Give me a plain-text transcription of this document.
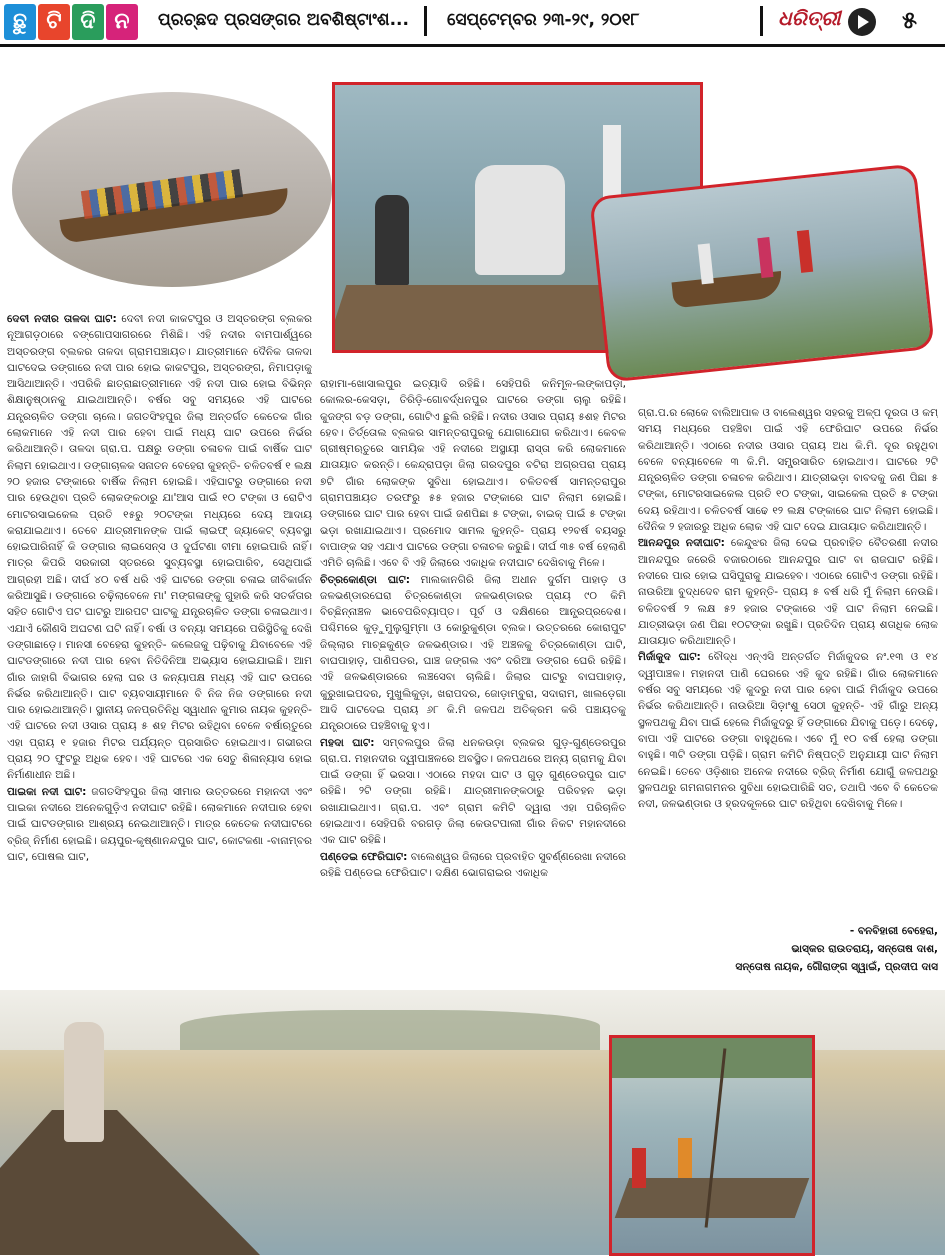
ଛୁ ଟି ଦି ନ	ପ୍ରଚ୍ଛଦ ପ୍ରସଙ୍ଗର ଅବଶିଷ୍ଟାଂଶ... ସେପ୍ଟେମ୍ବର ୨୩-୨୯, ୨୦୧୮	ଧରିତ୍ରୀ	୫

ଦେବୀ ନଦୀର ତାଳଦା ଘାଟ: ଦେବୀ ନଦୀ କାକଟପୁର ଓ ଅସ୍ତରଙ୍ଗ ବ୍ଲକର ନୂଆଗଡ଼ଠାରେ ବଙ୍ଗୋପସାଗରରେ ମିଶିଛି। ଏହି ନଦୀର ବାମପାର୍ଶ୍ୱରେ ଅସ୍ତରଙ୍ଗ ବ୍ଲକର ତାଳଦା ଗ୍ରାମପଞ୍ଚାୟତ। ଯାତ୍ରୀମାନେ ଦୈନିକ ତାଳଦା ଘାଟଦେଇ ଡଙ୍ଗାରେ ନଦୀ ପାର ହୋଇ କାକଟପୁର, ଅସ୍ତରଙ୍ଗ, ନିମାପଡ଼ାକୁ ଆସିଥାଆନ୍ତି। ଏପରିକି ଛାତ୍ରାଛାତ୍ରୀମାନେ ଏହି ନଦୀ ପାର ହୋଇ ବିଭିନ୍ନ ଶିକ୍ଷାନୁଷ୍ଠାନକୁ ଯାଇଥାଆନ୍ତି। ବର୍ଷର ସବୁ ସମୟରେ ଏହି ଘାଟରେ ଯନ୍ତ୍ରଚାଳିତ ଡଙ୍ଗା ଚାଲେ। ଜଗତସିଂହପୁର ଜିଲା ଅନ୍ତର୍ଗତ କେତେକ ଗାଁର ଲୋକମାନେ ଏହି ନଦୀ ପାର ହେବା ପାଇଁ ମଧ୍ୟ ଘାଟ ଉପରେ ନିର୍ଭର କରିଥାଆନ୍ତି। ତାଳଦା ଗ୍ରା.ପ. ପକ୍ଷରୁ ଡଙ୍ଗା ଚଳାଚଳ ପାଇଁ ବାର୍ଷିକ ଘାଟ ନିଲାମ ହୋଇଥାଏ। ଡଙ୍ଗାଚାଳକ ସନାତନ ବେହେରା କୁହନ୍ତି- ଚଳିତବର୍ଷ ୧ ଲକ୍ଷ ୨୦ ହଜାର ଟଙ୍କାରେ ବାର୍ଷିକ ନିଲାମ ହୋଇଛି। ଏହିଘାଟରୁ ଡଙ୍ଗାରେ ନଦୀ ପାର ହେଉଥିବା ପ୍ରତି ଲୋକଙ୍କଠାରୁ ଯା'ଆସ ପାଇଁ ୧୦ ଟଙ୍କା ଓ ରୋଟିଏ ମୋଟରସାଇକେଲ ପ୍ରତି ୧୫ରୁ ୨୦ଟଙ୍କା ମଧ୍ୟରେ ଦେୟ ଆଦାୟ କରାଯାଇଥାଏ। ତେବେ ଯାତ୍ରୀମାନଙ୍କ ପାଇଁ ଲାଇଫ୍ ଜ୍ୟାକେଟ୍ ବ୍ୟବସ୍ଥା ହୋଇପାରିନାହିଁ କି ଡଙ୍ଗାର ଲାଇସେନ୍ସ ଓ ଦୁର୍ଘଟଣା ବୀମା ହୋଇପାରି ନାହିଁ। ମାତ୍ର କିପରି ସରକାରୀ ସ୍ତରରେ ସୁବ୍ୟବସ୍ଥା ହୋଇପାରିବ, ସେଥିପାଇଁ ଆଗ୍ରହୀ ଅଛି। ଦୀର୍ଘ ୪୦ ବର୍ଷ ଧରି ଏହି ଘାଟରେ ଡଙ୍ଗା ଚଳାଇ ଜୀବିକାର୍ଜନ କରିଆସୁଛି। ଡଙ୍ଗାରେ ଚଢ଼ିଲାବେଳେ ମା' ମଙ୍ଗଳାଙ୍କୁ ଗୁହାରି କରି ସତର୍କତାର ସହିତ ଗୋଟିଏ ପଟ ଘାଟରୁ ଆରପଟ ଘାଟକୁ ଯନ୍ତ୍ରଚାଳିତ ଡଙ୍ଗା ଚଳାଇଥାଏ। ଏଯାଏଁ କୌଣସି ଅଘଟଣ ଘଟି ନାହିଁ। ବର୍ଷା ଓ ବନ୍ୟା ସମୟରେ ପରିସ୍ଥିତିକୁ ଦେଖି ଡଙ୍ଗାଛାଡ଼େ। ମାନସୀ ବେହେରା କୁହନ୍ତି- କଲେଜକୁ ପଢ଼ିବାକୁ ଯିବାବେଳେ ଏହି ଘାଟଡଙ୍ଗାରେ ନଦୀ ପାର ହେବା ନିତିଦିନିଆ ଅଭ୍ୟାସ ହୋଇଯାଇଛି। ଆମ ଗାଁର ଜାହାଗି ବିଭାଗର ହେଲା ଘର ଓ କନ୍ୟାପକ୍ଷ ମଧ୍ୟ ଏହି ଘାଟ ଉପରେ ନିର୍ଭର କରିଥାଆନ୍ତି। ଘାଟ ବ୍ୟବସାୟୀମାନେ ବି ନିଜ ନିଜ ଡଙ୍ଗାରେ ନଦୀ ପାର ହୋଇଥାଆନ୍ତି। ସ୍ଥାନୀୟ ଜନପ୍ରତିନିଧି ସ୍ୱାଧୀନ କୁମାର ନାୟକ କୁହନ୍ତି- ଏହି ଘାଟରେ ନଦୀ ଓସାର ପ୍ରାୟ ୫ ଶହ ମିଟର ରହିଥିବା ବେଳେ ବର୍ଷାଋତୁରେ ଏହା ପ୍ରାୟ ୧ ହଜାର ମିଟର ପର୍ଯ୍ୟନ୍ତ ପ୍ରସାରିତ ହୋଇଥାଏ। ଗଭୀରତା ପ୍ରାୟ ୨୦ ଫୁଟରୁ ଅଧିକ ହେବ। ଏହି ଘାଟରେ ଏକ ସେତୁ ଶିଳାନ୍ୟାସ ହୋଇ ନିର୍ମାଣାଧୀନ ଅଛି।

ପାଇକା ନଦୀ ଘାଟ: ଜଗତସିଂହପୁର ଜିଲା ସୀମାର ଉତ୍ତରରେ ମହାନଦୀ ଏବଂ ପାଇକା ନଦୀରେ ଅନେକଗୁଡ଼ିଏ ନଦୀଘାଟ ରହିଛି। ଲୋକମାନେ ନଦୀପାର ହେବା ପାଇଁ ଘାଟଡଙ୍ଗାର ଆଶ୍ରୟ ନେଇଥାଆନ୍ତି। ମାତ୍ର କେତେକ ନଦୀଘାଟରେ ବ୍ରିଜ୍ ନିର୍ମାଣ ହୋଇଛି। ଜୟପୁର-କୃଷ୍ଣାନନ୍ଦପୁର ଘାଟ, କୋଟକଣା -ବାନାମ୍ବର ଘାଟ, ପୋଷଲ ଘାଟ,

ରାହାମା-ଖୋସାଲପୁର ଇତ୍ୟାଦି ରହିଛି। ସେହିପରି କନିମୂଳ-ଲଙ୍କାପଡ଼ା, କୋଲର-କେସଡ଼ା, ତିରିଡ଼ି-ଗୋବର୍ଦ୍ଧନପୁର ଘାଟରେ ଡଙ୍ଗା ଚାଲୁ ରହିଛି। କୁଜଙ୍ଗ ବଡ଼ ଡଙ୍ଗା, ଗୋଟିଏ ଛୁଲି ରହିଛି। ନଦୀର ଓସାର ପ୍ରାୟ ୫ଶହ ମିଟର ହେବ। ତିର୍ତ୍ତୋଲ ବ୍ଲକର ସାମନ୍ତରାପୁରକୁ ଯୋଗାଯୋଗ କରିଥାଏ। କେବଳ ଗ୍ରୀଷ୍ମଋତୁରେ ସାମୟିକ ଏହି ନଦୀରେ ଅସ୍ଥାୟୀ ରାସ୍ତା କରି ଲୋକମାନେ ଯାତାୟାତ କରନ୍ତି। କେନ୍ଦ୍ରାପଡ଼ା ଜିଲା ଗରଦପୁର ବଟିରା ଅଗ୍ରପରା ପ୍ରାୟ ୭ଟି ଗାଁର ଲୋକଙ୍କ ସୁବିଧା ହୋଇଥାଏ। ଚଳିତବର୍ଷ ସାମନ୍ତରାପୁର ଗ୍ରାମପଞ୍ଚାୟତ ତରଫରୁ ୫୫ ହଜାର ଟଙ୍କାରେ ଘାଟ ନିଲାମ ହୋଇଛି। ଡଙ୍ଗାରେ ଘାଟ ପାର ହେବା ପାଇଁ ଜଣପିଛା ୫ ଟଙ୍କା, ବାଇକ୍ ପାଇଁ ୫ ଟଙ୍କା ଭଡ଼ା ରଖାଯାଇଥାଏ। ପ୍ରମୋଦ ସାମଲ କୁହନ୍ତି- ପ୍ରାୟ ୧୨ବର୍ଷ ବୟସରୁ ବାପାଙ୍କ ସହ ଏଯାଏ ଘାଟରେ ଡଙ୍ଗା ଚଳାଚଳ କରୁଛି। ଦୀର୍ଘ ୩୫ ବର୍ଷ ହେଲାଣି ଏମିତି ଚାଲିଛି। ଏବେ ବି ଏହି ଜିଲାରେ ଏକାଧିକ ନଦୀଘାଟ ଦେଖିବାକୁ ମିଳେ।

ଚିତ୍ରକୋଣ୍ଡା ଘାଟ: ମାଲକାନଗିରି ଜିଲା ଅଧୀନ ଦୁର୍ଗମ ପାହାଡ଼ ଓ ଜଳଭଣ୍ଡାରଘେରା ଚିତ୍ରକୋଣ୍ଡା ଜଳଭଣ୍ଡାରର ପ୍ରାୟ ୯୦ କିମି ବିଚ୍ଛିନ୍ନାଞ୍ଚଳ ଭାବେପରିବ୍ୟାପ୍ତ। ପୂର୍ବ ଓ ଦକ୍ଷିଣରେ ଆନ୍ଧ୍ରପ୍ରଦେଶ। ପଶ୍ଚିମରେ କୁଡ଼ୁମୁଲୁଗୁମ୍ମା ଓ କୋରୁକୁଣ୍ଡା ବ୍ଲକ। ଉତ୍ତରରେ କୋରାପୁଟ ଜିଲ୍ଲାର ମାଚ୍ଛକୁଣ୍ଡ ଜଳଭଣ୍ଡାର। ଏହି ଅଞ୍ଚଳକୁ ଚିତ୍ରକୋଣ୍ଡା ଘାଟି, ବାଘପାହାଡ଼, ପାଣିପଡର, ଘାଞ୍ଚ ଜଙ୍ଗଲ ଏବଂ ଦରିଆ ଡଙ୍ଗର ଘେରି ରହିଛି। ଏହି ଜଳଭଣ୍ଡାରରେ ଲଞ୍ଚସେବା ଚାଲିଛି। ଜିଲାର ଘାଟରୁ ବାଘପାହାଡ଼, କୁରୁଖାଇପଦର, ମୁଖୁଲିକୁଡ଼ା, ଖରାପଦର, ଜୋଡ଼ାମ୍ବୁରା, ସଦାରାମ, ଖାଲଡ଼େଗା ଆଦି ଘାଟଦେଇ ପ୍ରାୟ ୬୮ କି.ମି ଜଳପଥ ଅତିକ୍ରମ କରି ପଞ୍ଚାୟତକୁ ଯନ୍ତ୍ରଠାରେ ପହଞ୍ଚିବାକୁ ହୁଏ।

ମହଦା ଘାଟ: ସମ୍ବଲପୁର ଜିଲା ଧନକଉଡ଼ା ବ୍ଲକର ଗୁଡ଼-ଗୁଣ୍ଡେରପୁର ଗ୍ରା.ପ. ମହାନଦୀର ଦ୍ୱୀପାଞ୍ଚଳରେ ଅବସ୍ଥିତ। ଜଳପଥରେ ଅନ୍ୟ ଗ୍ରାମକୁ ଯିବା ପାଇଁ ଡଙ୍ଗା ହିଁ ଭରସା। ଏଠାରେ ମହଦା ଘାଟ ଓ ଗୁଡ଼ ଗୁଣ୍ଡେରପୁର ଘାଟ ରହିଛି। ୨ଟି ଡଙ୍ଗା ରହିଛି। ଯାତ୍ରୀମାନଙ୍କଠାରୁ ପରିବହନ ଭଡ଼ା ରଖାଯାଇଥାଏ। ଗ୍ରା.ପ. ଏବଂ ଗ୍ରାମ କମିଟି ଦ୍ୱାରା ଏହା ପରିଚାଳିତ ହୋଇଥାଏ। ସେହିପରି ବରଗଡ଼ ଜିଲା କେଉଟପାଲୀ ଗାଁର ନିକଟ ମହାନଦୀରେ ଏକ ଘାଟ ରହିଛି।

ପଣ୍ଡେଇ ଫେରିଘାଟ: ବାଲେଶ୍ୱର ଜିଲାରେ ପ୍ରବାହିତ ସୁବର୍ଣ୍ଣରେଖା ନଦୀରେ ରହିଛି ପଣ୍ଡେଇ ଫେରିଘାଟ। ଦକ୍ଷିଣ ଭୋଗରାଇର ଏକାଧିକ

ଗ୍ରା.ପ.ର ଲୋକେ ବାଲିଆପାଳ ଓ ବାଲେଶ୍ୱର ସହରକୁ ଅଳ୍ପ ଦୂରତା ଓ କମ୍ ସମୟ ମଧ୍ୟରେ ପହଞ୍ଚିବା ପାଇଁ ଏହି ଫେରିଘାଟ ଉପରେ ନିର୍ଭର କରିଥାଆନ୍ତି। ଏଠାରେ ନଦୀର ଓସାର ପ୍ରାୟ ଅଧ କି.ମି. ଦୂର ରହୁଥିବା ବେଳେ ବନ୍ୟାବେଳେ ୩ କି.ମି. ସମ୍ପ୍ରସାରିତ ହୋଇଥାଏ। ଘାଟରେ ୨ଟି ଯନ୍ତ୍ରଚାଳିତ ଡଙ୍ଗା ଚଳାଚଳ କରିଥାଏ। ଯାତ୍ରୀଭଡ଼ା ବାବଦକୁ ଜଣ ପିଛା ୫ ଟଙ୍କା, ମୋଟରସାଇକେଲ ପ୍ରତି ୧୦ ଟଙ୍କା, ସାଇକେଲ ପ୍ରତି ୫ ଟଙ୍କା ଦେୟ ରହିଥାଏ। ଚଳିତବର୍ଷ ସାଢେ ୧୨ ଲକ୍ଷ ଟଙ୍କାରେ ଘାଟ ନିଲାମ ହୋଇଛି। ଦୈନିକ ୨ ହଜାରରୁ ଅଧିକ ଲୋକ ଏହି ଘାଟ ଦେଇ ଯାତାୟାତ କରିଥାଆନ୍ତି।

ଆନନ୍ଦପୁର ନଦୀଘାଟ: କେନ୍ଦୁଝର ଜିଲା ଦେଇ ପ୍ରବାହିତ ବୈତରଣୀ ନଦୀର ଆନନ୍ଦପୁର ଜରେରି ବଜାରଠାରେ ଆନନ୍ଦପୁର ଘାଟ ବା ରାଜଘାଟ ରହିଛି। ନଦୀରେ ପାର ହୋଇ ଘସିପୁରାକୁ ଯାଇହେବ। ଏଠାରେ ଗୋଟିଏ ଡଙ୍ଗା ରହିଛି। ନାଉରିଆ ବୁଦ୍ଧଦେବ ରାମ କୁହନ୍ତି- ପ୍ରାୟ ୫ ବର୍ଷ ଧରି ମୁଁ ନିଲାମ ନେଉଛି। ଚଳିତବର୍ଷ ୨ ଲକ୍ଷ ୫୨ ହଜାର ଟଙ୍କାରେ ଏହି ଘାଟ ନିଲାମ ନେଇଛି। ଯାତ୍ରୀଭଡ଼ା ଜଣ ପିଛା ୧୦ଟଙ୍କା ରଖୁଛି। ପ୍ରତିଦିନ ପ୍ରାୟ ଶତାଧିକ ଲୋକ ଯାତାୟାତ କରିଥାଆନ୍ତି।

ମିର୍ଜାକୁଦ ଘାଟ: ବୌଦ୍ଧ ଏନ୍ଏସି ଅନ୍ତର୍ଗତ ମିର୍ଜାକୁଦର ନଂ.୧୩ ଓ ୧୪ ଦ୍ୱୀପାଞ୍ଚଳ। ମହାନଦୀ ପାଣି ଘେରରେ ଏହି କୁଦ ରହିଛି। ଗାଁର ଲୋକମାନେ ବର୍ଷର ସବୁ ସମୟରେ ଏହି କୁଦରୁ ନଦୀ ପାର ହେବା ପାଇଁ ମିର୍ଜାକୁଦ ଉପରେ ନିର୍ଭର କରିଥାଆନ୍ତି। ନାଉରିଆ ସିଡ଼ାଂଶୁ ସେଠୀ କୁହନ୍ତି- ଏହି ଗାଁରୁ ଅନ୍ୟ ସ୍ଥଳପଥକୁ ଯିବା ପାଇଁ ହେଲେ ମିର୍ଜାକୁଦରୁ ହିଁ ଡଙ୍ଗାରେ ଯିବାକୁ ପଡ଼େ। ଦେଢ଼େ, ବାପା ଏହି ଘାଟରେ ଡଙ୍ଗା ବାହୁଥିଲେ। ଏବେ ମୁଁ ୧୦ ବର୍ଷ ହେଲା ଡଙ୍ଗା ବାହୁଛି। ୩ଟି ଡଙ୍ଗା ପଡ଼ିଛି। ଗ୍ରାମ କମିଟି ନିଷ୍ପତ୍ତି ଅନୁଯାୟୀ ଘାଟ ନିଲାମ ନେଇଛି। ତେବେ ଓଡ଼ିଶାର ଅନେକ ନଦୀରେ ବ୍ରିଜ୍ ନିର୍ମାଣ ଯୋଗୁଁ ଜଳପଥରୁ ସ୍ଥଳପଥରୁ ଗମନାଗମନର ସୁବିଧା ହୋଇପାରିଛି ସତ, ତଥାପି ଏବେ ବି କେତେକ ନଦୀ, ଜଳଭଣ୍ଡାର ଓ ହ୍ରଦକୂଳରେ ଘାଟ ରହିଥିବା ଦେଖିବାକୁ ମିଳେ।

- ବନବିହାରୀ ବେହେରା,
ଭାସ୍କର ରାଉତରାୟ, ସନ୍ତୋଷ ଦାଶ,
ସନ୍ତୋଷ ନାୟକ, ଗୌରାଙ୍ଗ ସ୍ୱାଇଁ, ପ୍ରଦୀପ ଦାସ
